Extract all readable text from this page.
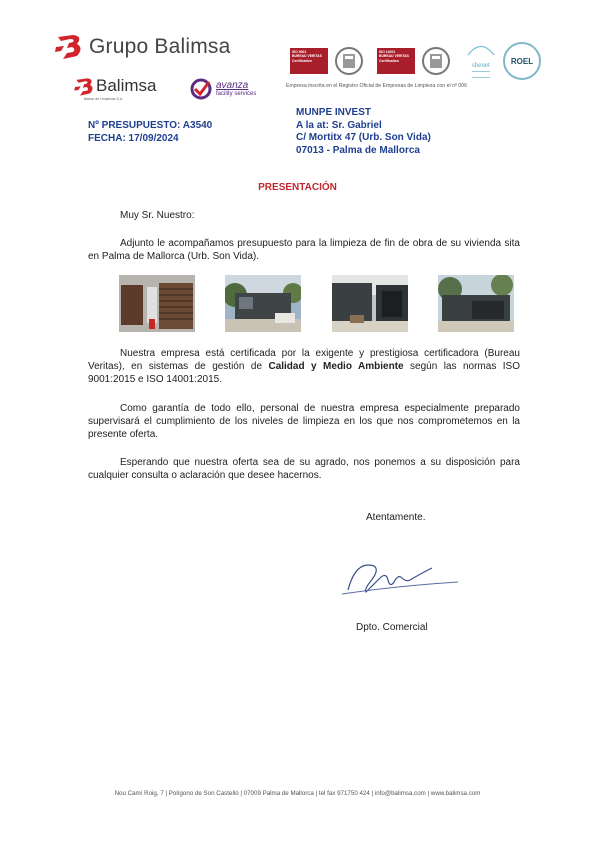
Grupo Balimsa
Balimsa
Balear de Limpiezas S.A.
avanza
facility services
ISO 9001
BUREAU VERITAS
Certification
ISO 14001
BUREAU VERITAS
Certification
shenet	ROEL
Empresa inscrita en el Registro Oficial de Empresas de Limpieza con el nº 006
MUNPE INVEST
A la at: Sr. Gabriel
C/ Mortitx 47 (Urb. Son Vida)
07013 - Palma de Mallorca
Nº PRESUPUESTO: A3540
FECHA: 17/09/2024
PRESENTACIÓN
Muy Sr. Nuestro:
Adjunto le acompañamos presupuesto para la limpieza de fin de obra de su vivienda sita en Palma de Mallorca (Urb. Son Vida).
Nuestra empresa está certificada por la exigente y prestigiosa certificadora (Bureau Veritas), en sistemas de gestión de Calidad y Medio Ambiente según las normas ISO 9001:2015 e ISO 14001:2015.
Como garantía de todo ello, personal de nuestra empresa especialmente preparado supervisará el cumplimiento de los niveles de limpieza en los que nos comprometemos en la presente oferta.
Esperando que nuestra oferta sea de su agrado, nos ponemos a su disposición para cualquier consulta o aclaración que desee hacernos.
Atentamente.
Dpto. Comercial
Nou Camí Roig, 7 | Polígono de Son Castelló | 07009 Palma de Mallorca | tel fax 971750 424 | info@balimsa.com | www.balimsa.com
